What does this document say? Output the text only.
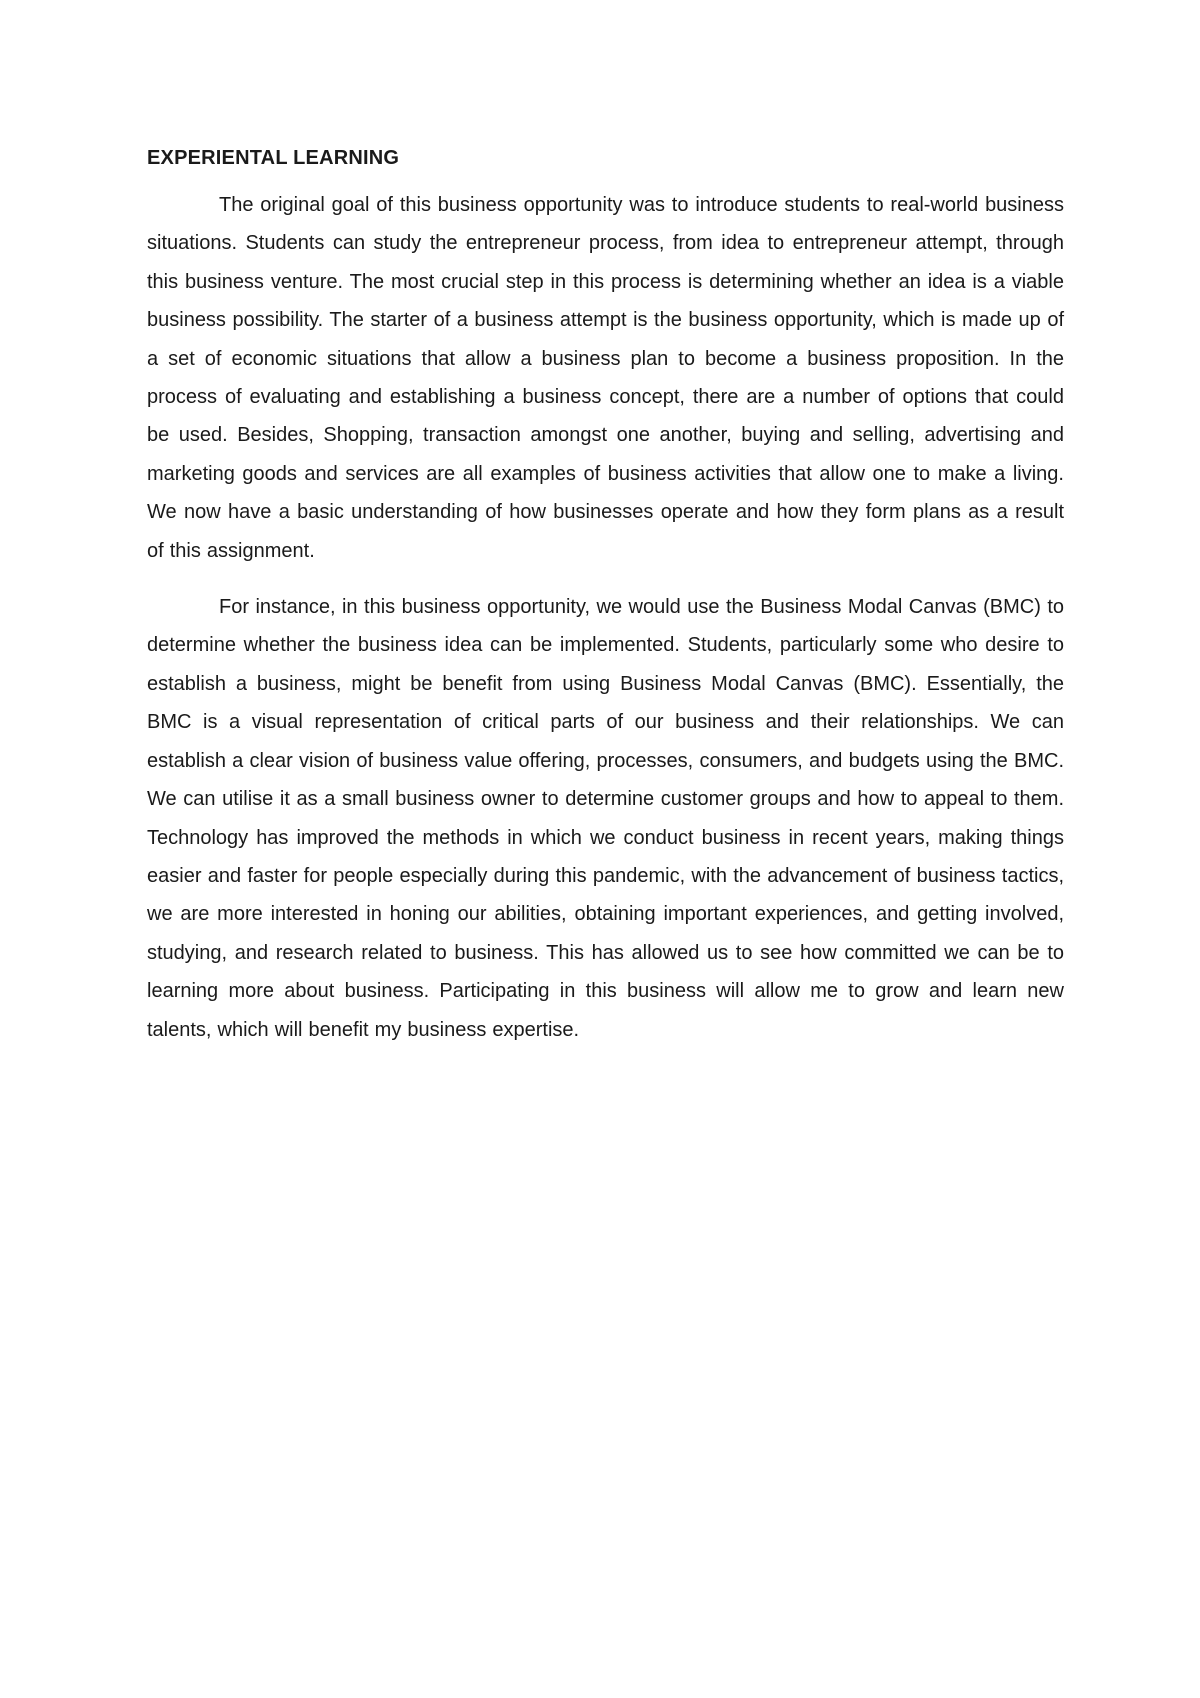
EXPERIENTAL LEARNING

The original goal of this business opportunity was to introduce students to real-world business situations. Students can study the entrepreneur process, from idea to entrepreneur attempt, through this business venture. The most crucial step in this process is determining whether an idea is a viable business possibility. The starter of a business attempt is the business opportunity, which is made up of a set of economic situations that allow a business plan to become a business proposition. In the process of evaluating and establishing a business concept, there are a number of options that could be used. Besides, Shopping, transaction amongst one another, buying and selling, advertising and marketing goods and services are all examples of business activities that allow one to make a living. We now have a basic understanding of how businesses operate and how they form plans as a result of this assignment.

For instance, in this business opportunity, we would use the Business Modal Canvas (BMC) to determine whether the business idea can be implemented. Students, particularly some who desire to establish a business, might be benefit from using Business Modal Canvas (BMC). Essentially, the BMC is a visual representation of critical parts of our business and their relationships. We can establish a clear vision of business value offering, processes, consumers, and budgets using the BMC. We can utilise it as a small business owner to determine customer groups and how to appeal to them. Technology has improved the methods in which we conduct business in recent years, making things easier and faster for people especially during this pandemic, with the advancement of business tactics, we are more interested in honing our abilities, obtaining important experiences, and getting involved, studying, and research related to business. This has allowed us to see how committed we can be to learning more about business. Participating in this business will allow me to grow and learn new talents, which will benefit my business expertise.
